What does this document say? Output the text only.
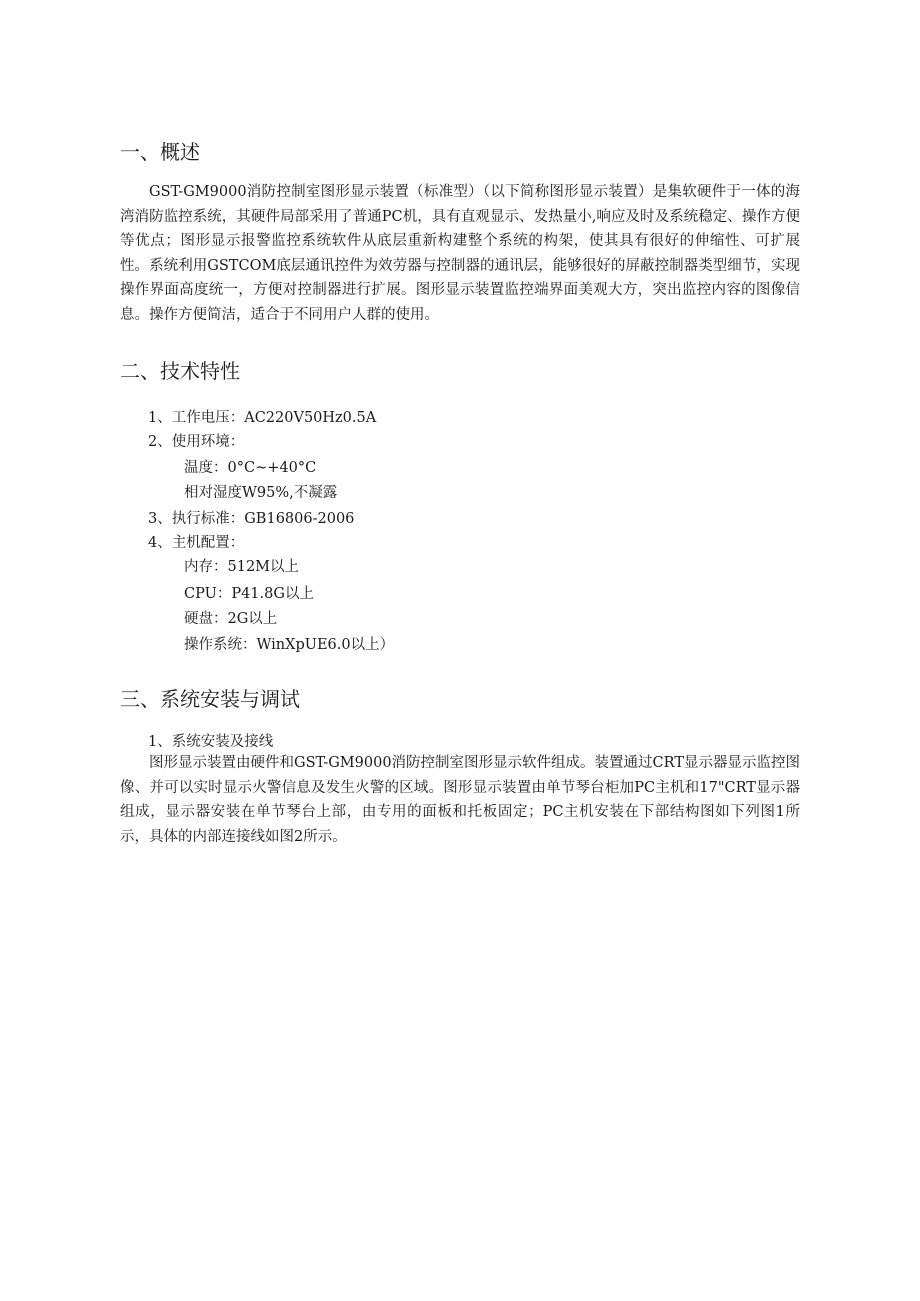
一、概述

GST-GM9000消防控制室图形显示装置（标准型）（以下简称图形显示装置）是集软硬件于一体的海湾消防监控系统，其硬件局部采用了普通PC机，具有直观显示、发热量小,响应及时及系统稳定、操作方便等优点；图形显示报警监控系统软件从底层重新构建整个系统的构架，使其具有很好的伸缩性、可扩展性。系统利用GSTCOM底层通讯控件为效劳器与控制器的通讯层，能够很好的屏蔽控制器类型细节，实现操作界面高度统一，方便对控制器进行扩展。图形显示装置监控端界面美观大方，突出监控内容的图像信息。操作方便简洁，适合于不同用户人群的使用。

二、技术特性
1、工作电压：AC220V50Hz0.5A
2、使用环境：
温度：0°C~+40°C
相对湿度W95%,不凝露
3、执行标准：GB16806-2006
4、主机配置：
内存：512M以上
CPU：P41.8G以上
硬盘：2G以上
操作系统：WinXpUE6.0以上）
三、系统安装与调试
1、系统安装及接线

图形显示装置由硬件和GST-GM9000消防控制室图形显示软件组成。装置通过CRT显示器显示监控图像、并可以实时显示火警信息及发生火警的区域。图形显示装置由单节琴台柜加PC主机和17"CRT显示器组成，显示器安装在单节琴台上部，由专用的面板和托板固定；PC主机安装在下部结构图如下列图1所示，具体的内部连接线如图2所示。
